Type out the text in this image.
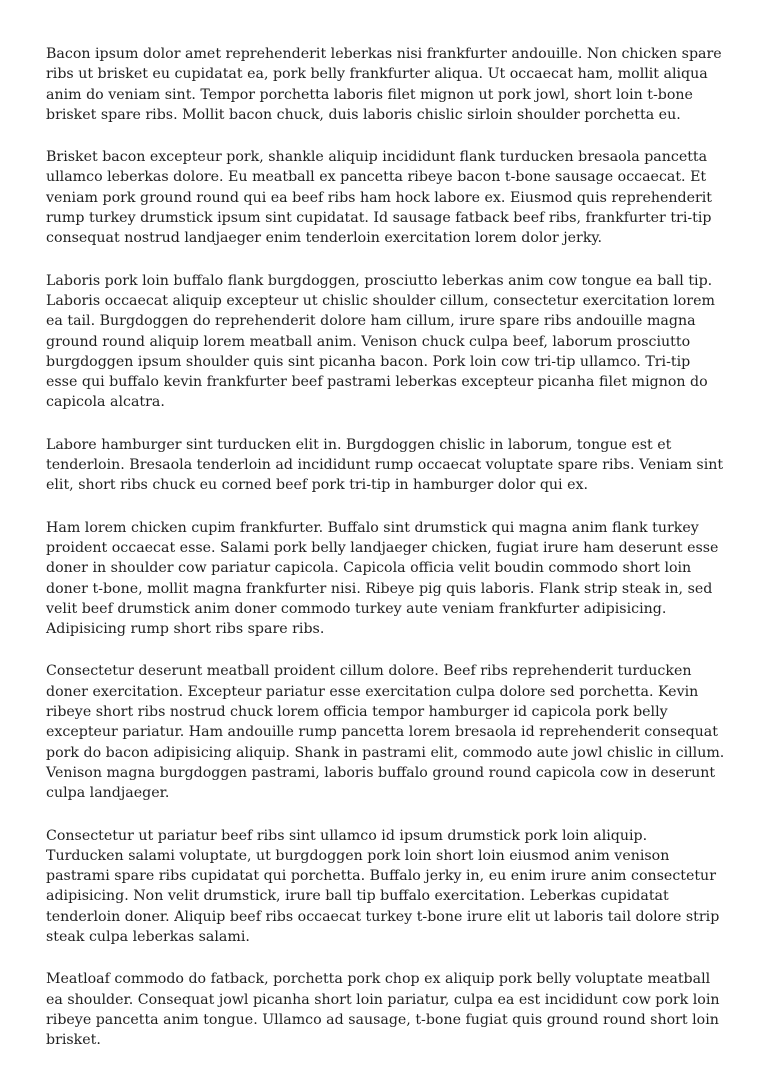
Bacon ipsum dolor amet reprehenderit leberkas nisi frankfurter andouille. Non chicken spare ribs ut brisket eu cupidatat ea, pork belly frankfurter aliqua. Ut occaecat ham, mollit aliqua anim do veniam sint. Tempor porchetta laboris filet mignon ut pork jowl, short loin t-bone brisket spare ribs. Mollit bacon chuck, duis laboris chislic sirloin shoulder porchetta eu.

Brisket bacon excepteur pork, shankle aliquip incididunt flank turducken bresaola pancetta ullamco leberkas dolore. Eu meatball ex pancetta ribeye bacon t-bone sausage occaecat. Et veniam pork ground round qui ea beef ribs ham hock labore ex. Eiusmod quis reprehenderit rump turkey drumstick ipsum sint cupidatat. Id sausage fatback beef ribs, frankfurter tri-tip consequat nostrud landjaeger enim tenderloin exercitation lorem dolor jerky.

Laboris pork loin buffalo flank burgdoggen, prosciutto leberkas anim cow tongue ea ball tip. Laboris occaecat aliquip excepteur ut chislic shoulder cillum, consectetur exercitation lorem ea tail. Burgdoggen do reprehenderit dolore ham cillum, irure spare ribs andouille magna ground round aliquip lorem meatball anim. Venison chuck culpa beef, laborum prosciutto burgdoggen ipsum shoulder quis sint picanha bacon. Pork loin cow tri-tip ullamco. Tri-tip esse qui buffalo kevin frankfurter beef pastrami leberkas excepteur picanha filet mignon do capicola alcatra.

Labore hamburger sint turducken elit in. Burgdoggen chislic in laborum, tongue est et tenderloin. Bresaola tenderloin ad incididunt rump occaecat voluptate spare ribs. Veniam sint elit, short ribs chuck eu corned beef pork tri-tip in hamburger dolor qui ex.

Ham lorem chicken cupim frankfurter. Buffalo sint drumstick qui magna anim flank turkey proident occaecat esse. Salami pork belly landjaeger chicken, fugiat irure ham deserunt esse doner in shoulder cow pariatur capicola. Capicola officia velit boudin commodo short loin doner t-bone, mollit magna frankfurter nisi. Ribeye pig quis laboris. Flank strip steak in, sed velit beef drumstick anim doner commodo turkey aute veniam frankfurter adipisicing. Adipisicing rump short ribs spare ribs.

Consectetur deserunt meatball proident cillum dolore. Beef ribs reprehenderit turducken doner exercitation. Excepteur pariatur esse exercitation culpa dolore sed porchetta. Kevin ribeye short ribs nostrud chuck lorem officia tempor hamburger id capicola pork belly excepteur pariatur. Ham andouille rump pancetta lorem bresaola id reprehenderit consequat pork do bacon adipisicing aliquip. Shank in pastrami elit, commodo aute jowl chislic in cillum. Venison magna burgdoggen pastrami, laboris buffalo ground round capicola cow in deserunt culpa landjaeger.

Consectetur ut pariatur beef ribs sint ullamco id ipsum drumstick pork loin aliquip. Turducken salami voluptate, ut burgdoggen pork loin short loin eiusmod anim venison pastrami spare ribs cupidatat qui porchetta. Buffalo jerky in, eu enim irure anim consectetur adipisicing. Non velit drumstick, irure ball tip buffalo exercitation. Leberkas cupidatat tenderloin doner. Aliquip beef ribs occaecat turkey t-bone irure elit ut laboris tail dolore strip steak culpa leberkas salami.

Meatloaf commodo do fatback, porchetta pork chop ex aliquip pork belly voluptate meatball ea shoulder. Consequat jowl picanha short loin pariatur, culpa ea est incididunt cow pork loin ribeye pancetta anim tongue. Ullamco ad sausage, t-bone fugiat quis ground round short loin brisket.
